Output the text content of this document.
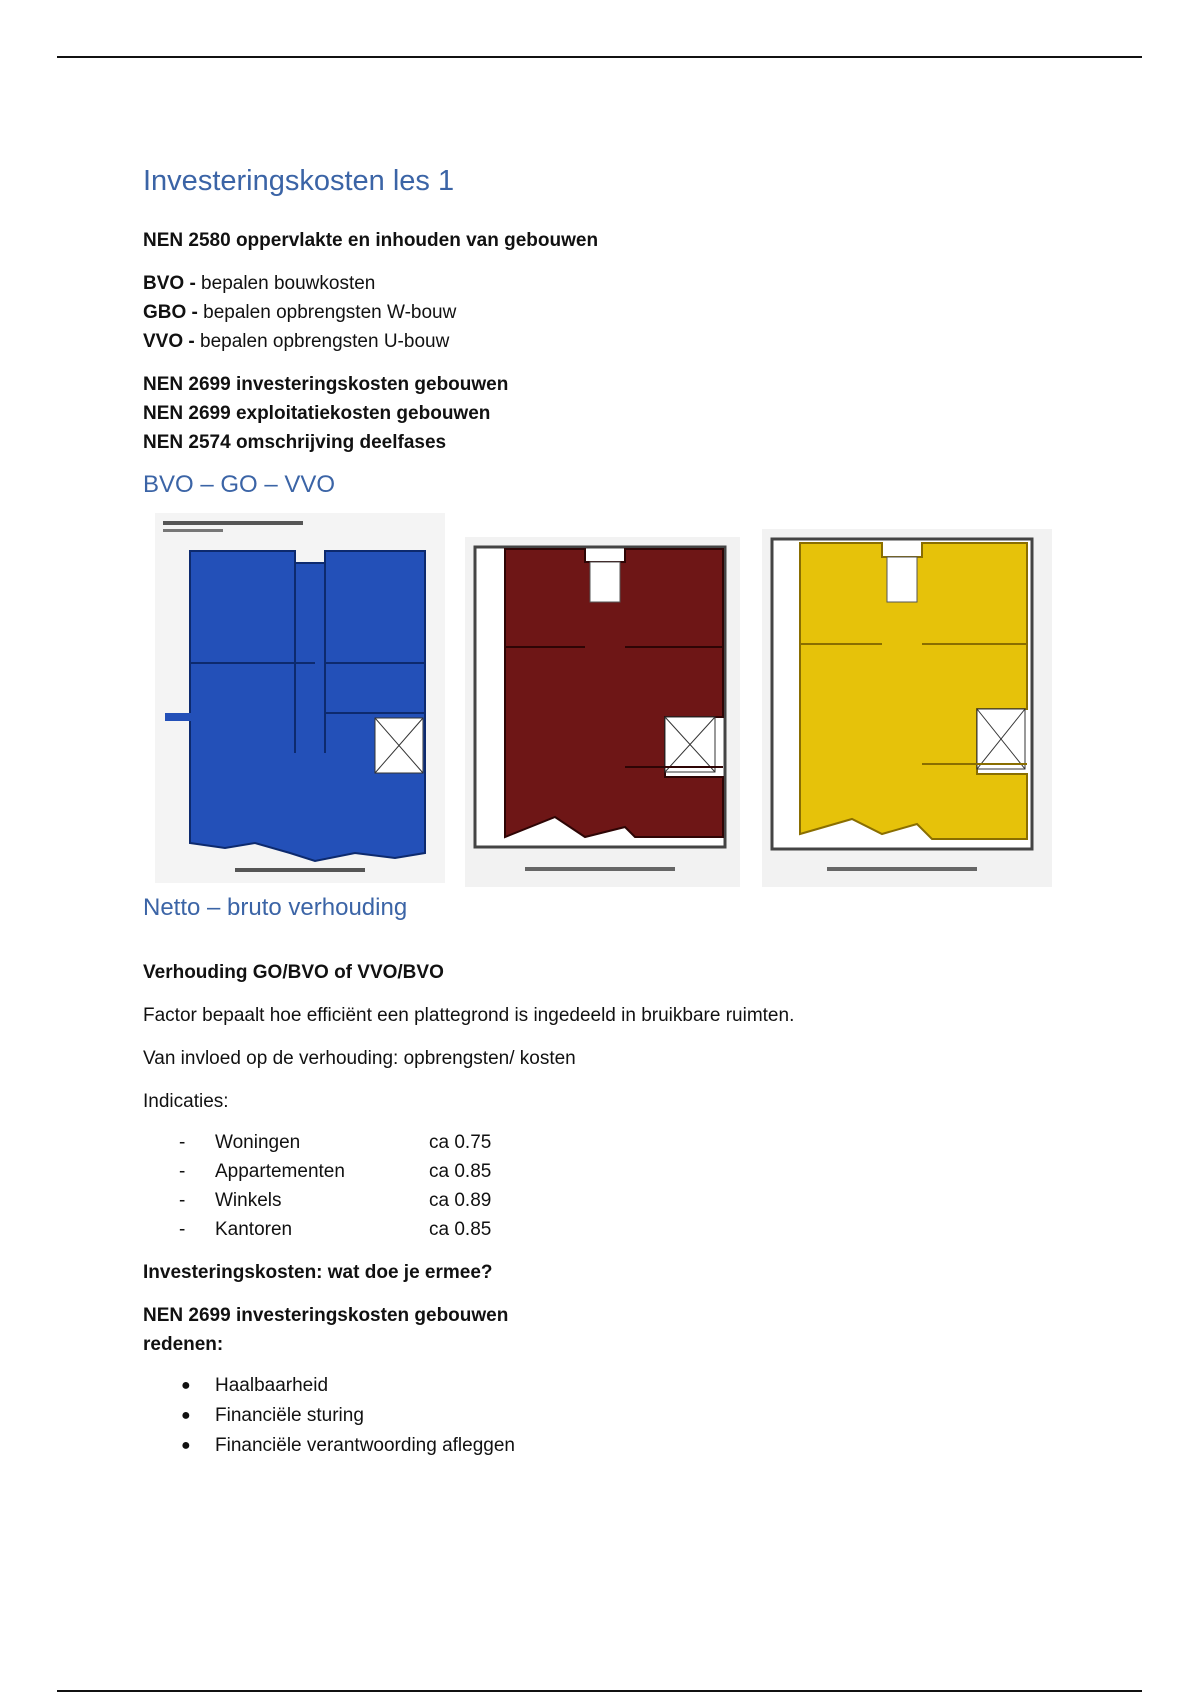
Investeringskosten les 1

NEN 2580 oppervlakte en inhouden van gebouwen

BVO - bepalen bouwkosten

GBO - bepalen opbrengsten W-bouw

VVO - bepalen opbrengsten U-bouw

NEN 2699 investeringskosten gebouwen

NEN 2699 exploitatiekosten gebouwen

NEN 2574 omschrijving deelfases

BVO – GO – VVO
Netto – bruto verhouding

Verhouding GO/BVO of VVO/BVO

Factor bepaalt hoe efficiënt een plattegrond is ingedeeld in bruikbare ruimten.

Van invloed op de verhouding: opbrengsten/ kosten

Indicaties:

-	Woningen	ca 0.75
-	Appartementen	ca 0.85
-	Winkels	ca 0.89
-	Kantoren	ca 0.85

Investeringskosten: wat doe je ermee?

NEN 2699 investeringskosten gebouwen

redenen:

●	Haalbaarheid
●	Financiële sturing
●	Financiële verantwoording afleggen
